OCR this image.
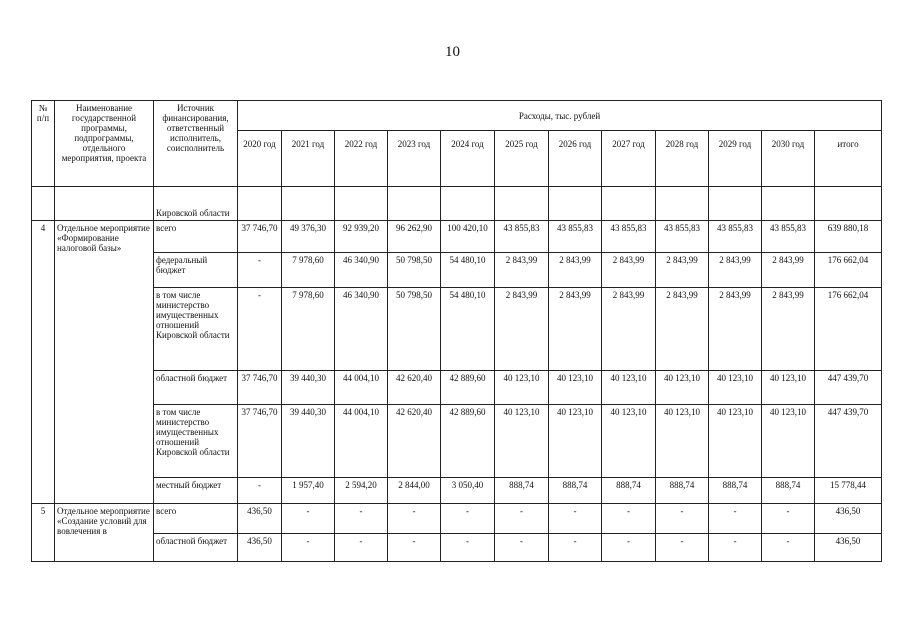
10
№ п/п	Наименование государственной программы, подпрограммы, отдельного мероприятия, проекта	Источник финансирования, ответственный исполнитель, соисполнитель	Расходы, тыс. рублей											
			2020 год	2021 год	2022 год	2023 год	2024 год	2025 год	2026 год	2027 год	2028 год	2029 год	2030 год	итого
		Кировской области												
4	Отдельное мероприятие «Формирование налоговой базы»	всего	37 746,70	49 376,30	92 939,20	96 262,90	100 420,10	43 855,83	43 855,83	43 855,83	43 855,83	43 855,83	43 855,83	639 880,18
		федеральный бюджет	-	7 978,60	46 340,90	50 798,50	54 480,10	2 843,99	2 843,99	2 843,99	2 843,99	2 843,99	2 843,99	176 662,04
		в том числе министерство имущественных отношений Кировской области	-	7 978,60	46 340,90	50 798,50	54 480,10	2 843,99	2 843,99	2 843,99	2 843,99	2 843,99	2 843,99	176 662,04
		областной бюджет	37 746,70	39 440,30	44 004,10	42 620,40	42 889,60	40 123,10	40 123,10	40 123,10	40 123,10	40 123,10	40 123,10	447 439,70
		в том числе министерство имущественных отношений Кировской области	37 746,70	39 440,30	44 004,10	42 620,40	42 889,60	40 123,10	40 123,10	40 123,10	40 123,10	40 123,10	40 123,10	447 439,70
		местный бюджет	-	1 957,40	2 594,20	2 844,00	3 050,40	888,74	888,74	888,74	888,74	888,74	888,74	15 778,44
5	Отдельное мероприятие «Создание условий для вовлечения в	всего	436,50	-	-	-	-	-	-	-	-	-	-	436,50
		областной бюджет	436,50	-	-	-	-	-	-	-	-	-	-	436,50
